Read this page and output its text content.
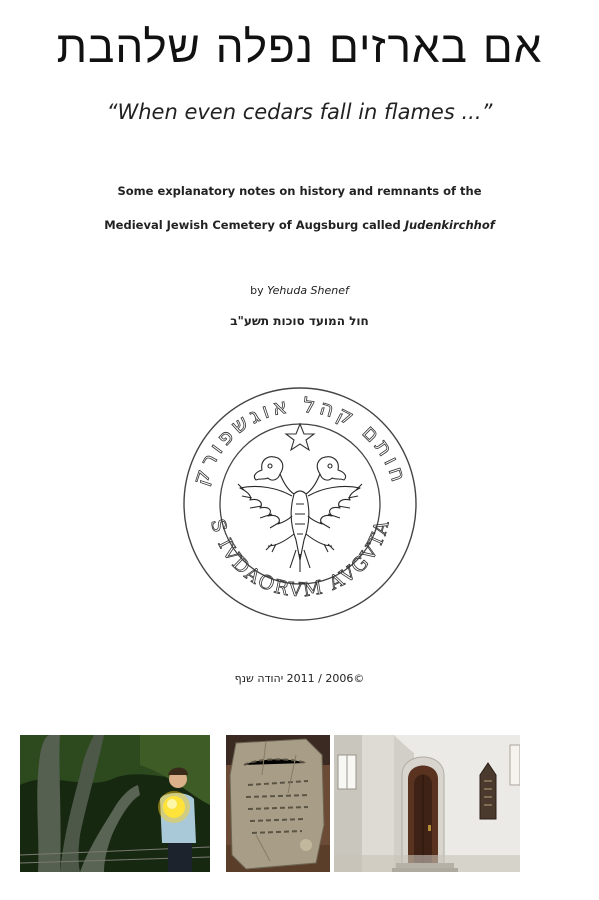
אם בארזים נפלה שלהבת
“When even cedars fall in flames ...”
Some explanatory notes on history and remnants of the
Medieval Jewish Cemetery of Augsburg called Judenkirchhof
by Yehuda Shenef
חול המועד סוכות תשע"ב
חותם קהל אוגשפורק
S IVDAORVM AVGVTA
©2006 / 2011 יהודה שנף
